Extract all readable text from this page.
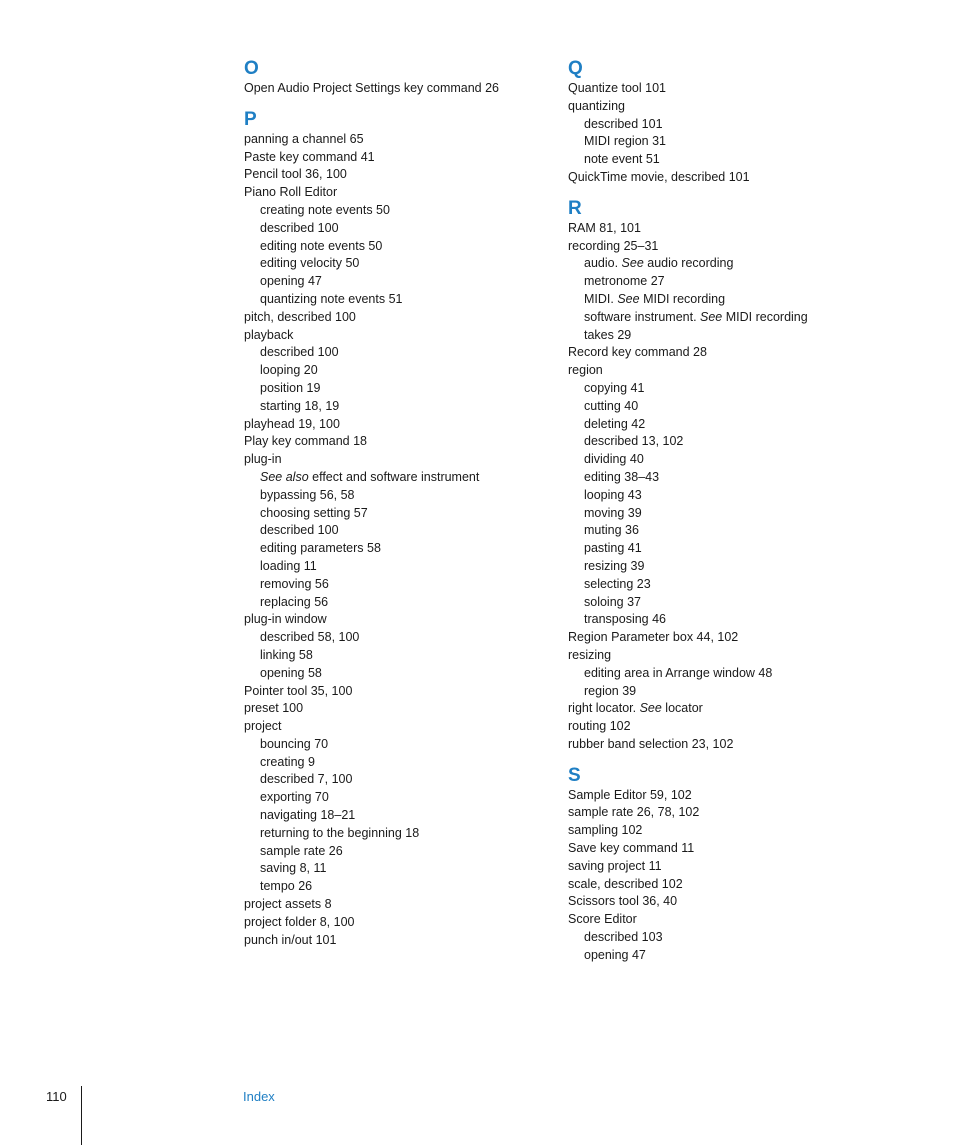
O
Open Audio Project Settings key command 26
P
panning a channel 65
Paste key command 41
Pencil tool 36, 100
Piano Roll Editor
creating note events 50
described 100
editing note events 50
editing velocity 50
opening 47
quantizing note events 51
pitch, described 100
playback
described 100
looping 20
position 19
starting 18, 19
playhead 19, 100
Play key command 18
plug-in
See also effect and software instrument
bypassing 56, 58
choosing setting 57
described 100
editing parameters 58
loading 11
removing 56
replacing 56
plug-in window
described 58, 100
linking 58
opening 58
Pointer tool 35, 100
preset 100
project
bouncing 70
creating 9
described 7, 100
exporting 70
navigating 18–21
returning to the beginning 18
sample rate 26
saving 8, 11
tempo 26
project assets 8
project folder 8, 100
punch in/out 101
Q
Quantize tool 101
quantizing
described 101
MIDI region 31
note event 51
QuickTime movie, described 101
R
RAM 81, 101
recording 25–31
audio. See audio recording
metronome 27
MIDI. See MIDI recording
software instrument. See MIDI recording
takes 29
Record key command 28
region
copying 41
cutting 40
deleting 42
described 13, 102
dividing 40
editing 38–43
looping 43
moving 39
muting 36
pasting 41
resizing 39
selecting 23
soloing 37
transposing 46
Region Parameter box 44, 102
resizing
editing area in Arrange window 48
region 39
right locator. See locator
routing 102
rubber band selection 23, 102
S
Sample Editor 59, 102
sample rate 26, 78, 102
sampling 102
Save key command 11
saving project 11
scale, described 102
Scissors tool 36, 40
Score Editor
described 103
opening 47
110	Index
